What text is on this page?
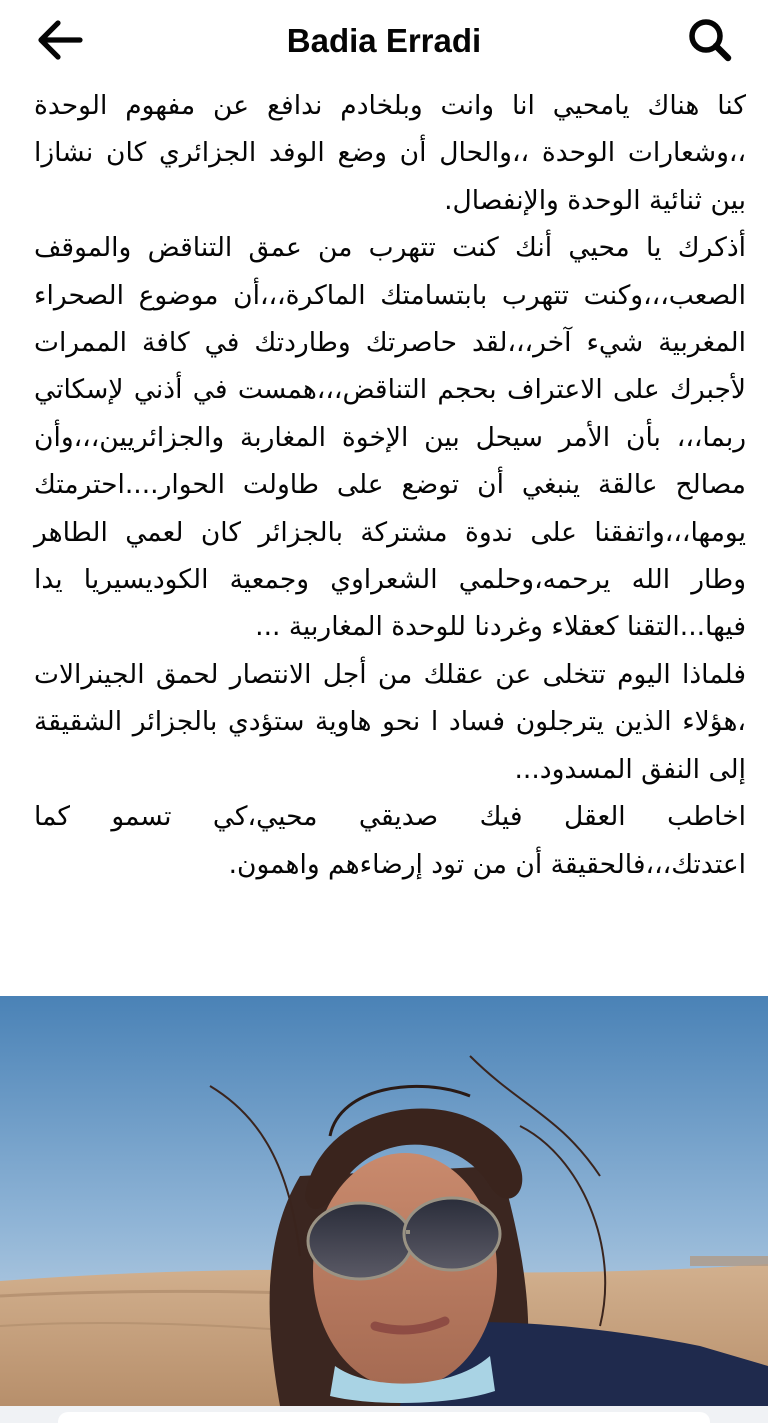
Badia Erradi

كنا هناك يامحيي انا وانت وبلخادم ندافع عن مفهوم الوحدة ،،وشعارات الوحدة ،،والحال أن وضع الوفد الجزائري كان نشازا بين ثنائية الوحدة والإنفصال.

أذكرك يا محيي أنك كنت تتهرب من عمق التناقض والموقف الصعب،،،وكنت تتهرب بابتسامتك الماكرة،،،أن موضوع الصحراء المغربية شيء آخر،،،لقد حاصرتك وطاردتك في كافة الممرات لأجبرك على الاعتراف بحجم التناقض،،،همست في أذني لإسكاتي ربما،،، بأن الأمر سيحل بين الإخوة المغاربة والجزائريين،،،وأن مصالح عالقة ينبغي أن توضع على طاولت الحوار....احترمتك يومها،،،واتفقنا على ندوة مشتركة بالجزائر كان لعمي الطاهر وطار الله يرحمه،وحلمي الشعراوي وجمعية الكوديسيريا يدا فيها...التقنا كعقلاء وغردنا للوحدة المغاربية ...

فلماذا اليوم تتخلى عن عقلك من أجل الانتصار لحمق الجينرالات ،هؤلاء الذين يترجلون فساد ا نحو هاوية ستؤدي بالجزائر الشقيقة إلى النفق المسدود...

اخاطب العقل فيك صديقي محيي،كي تسمو كما اعتدتك،،،فالحقيقة أن من تود إرضاءهم واهمون.
